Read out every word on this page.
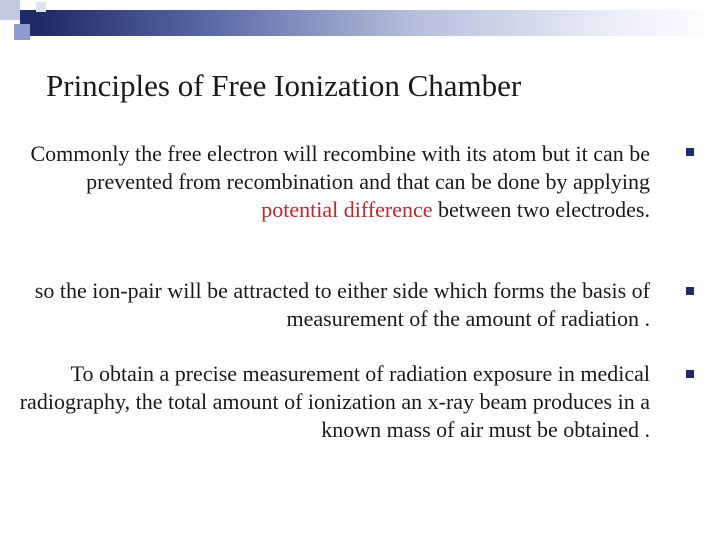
Principles of Free Ionization Chamber

Commonly the free electron will recombine with its atom but it can be prevented from recombination and that can be done by applying potential difference between two electrodes.

so the ion-pair will be attracted to either side which forms the basis of measurement of the amount of radiation .

To obtain a precise measurement of radiation exposure in medical radiography, the total amount of ionization an x-ray beam produces in a known mass of air must be obtained .
